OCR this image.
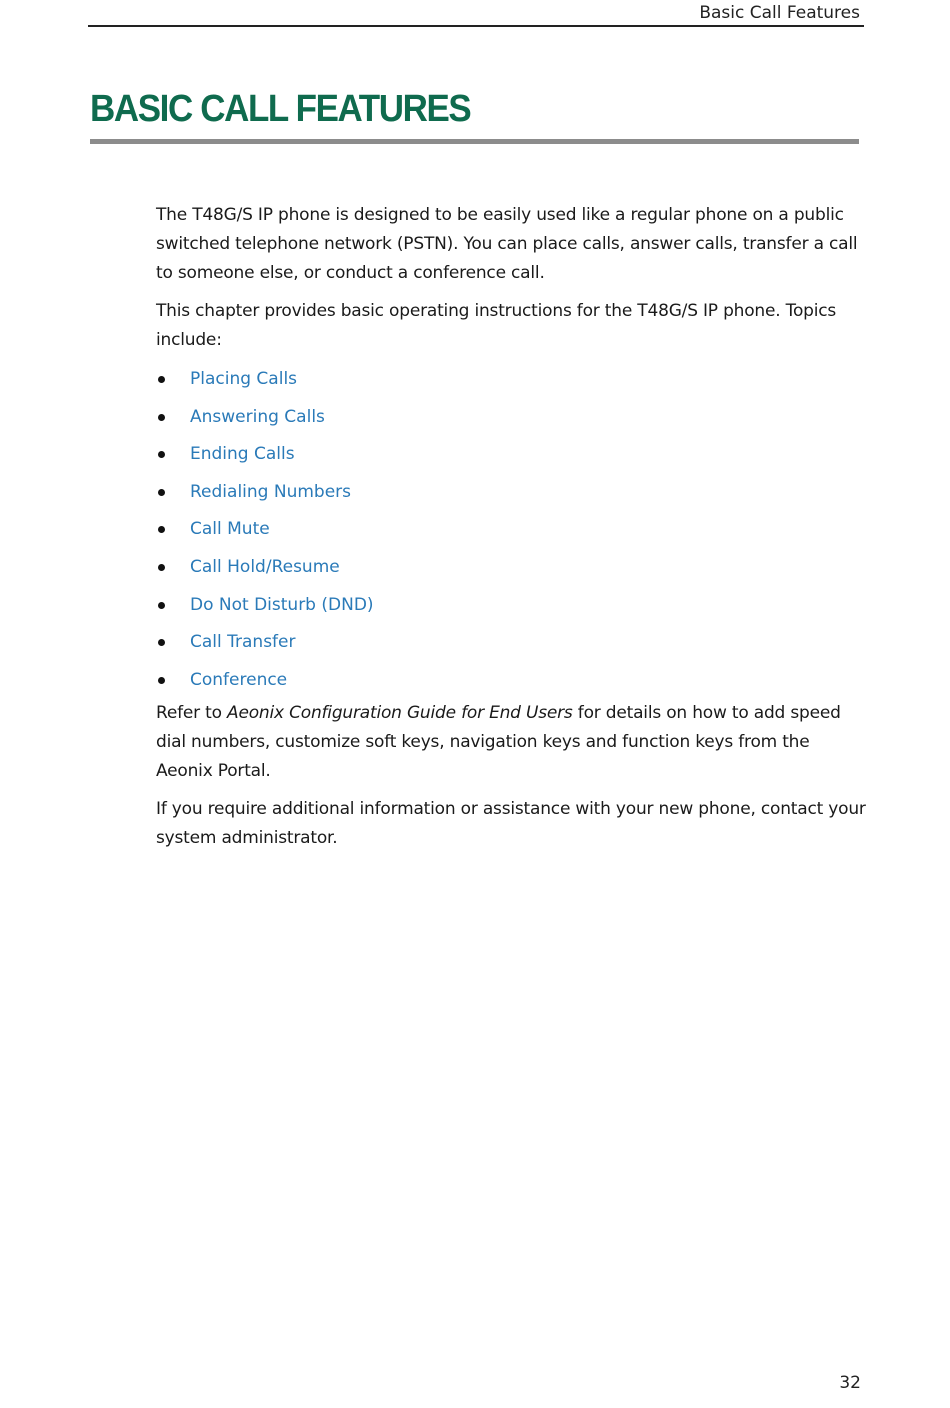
Basic Call Features
BASIC CALL FEATURES

The T48G/S IP phone is designed to be easily used like a regular phone on a public switched telephone network (PSTN). You can place calls, answer calls, transfer a call to someone else, or conduct a conference call.

This chapter provides basic operating instructions for the T48G/S IP phone. Topics include:

Placing Calls
Answering Calls
Ending Calls
Redialing Numbers
Call Mute
Call Hold/Resume
Do Not Disturb (DND)
Call Transfer
Conference

Refer to Aeonix Configuration Guide for End Users for details on how to add speed dial numbers, customize soft keys, navigation keys and function keys from the Aeonix Portal.

If you require additional information or assistance with your new phone, contact your system administrator.

32
